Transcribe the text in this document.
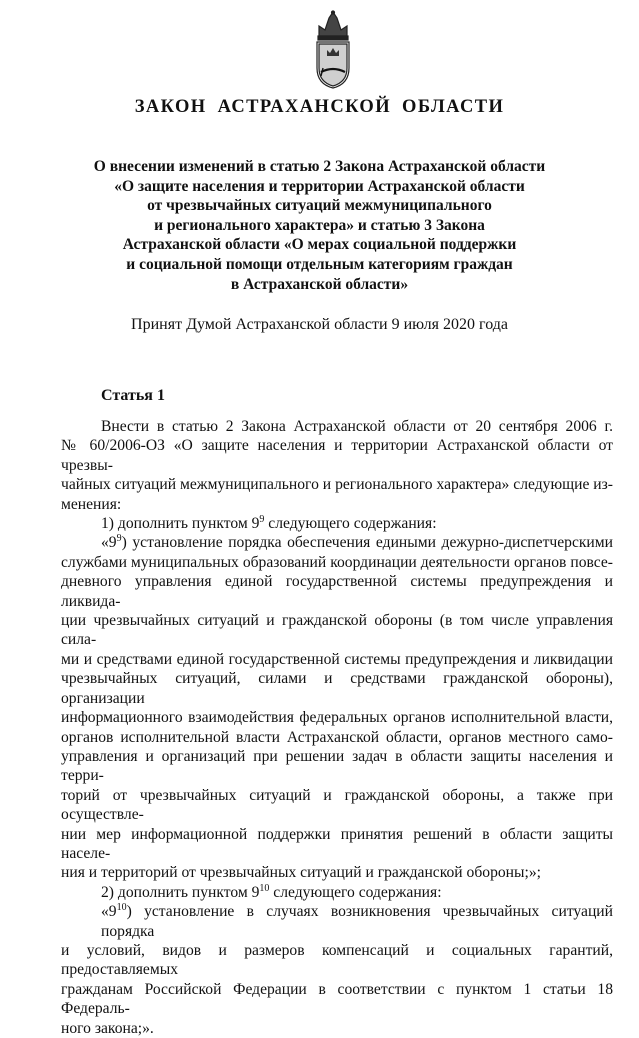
ЗАКОН АСТРАХАНСКОЙ ОБЛАСТИ
О внесении изменений в статью 2 Закона Астраханской области
«О защите населения и территории Астраханской области
от чрезвычайных ситуаций межмуниципального
и регионального характера» и статью 3 Закона
Астраханской области «О мерах социальной поддержки
и социальной помощи отдельным категориям граждан
в Астраханской области»
Принят Думой Астраханской области 9 июля 2020 года
Статья 1
Внести в статью 2 Закона Астраханской области от 20 сентября 2006 г.
№ 60/2006-ОЗ «О защите населения и территории Астраханской области от чрезвы-
чайных ситуаций межмуниципального и регионального характера» следующие из-
менения:
1) дополнить пунктом $9^9$ следующего содержания:
«$9^9$) установление порядка обеспечения едиными дежурно-диспетчерскими
службами муниципальных образований координации деятельности органов повсе-
дневного управления единой государственной системы предупреждения и ликвида-
ции чрезвычайных ситуаций и гражданской обороны (в том числе управления сила-
ми и средствами единой государственной системы предупреждения и ликвидации
чрезвычайных ситуаций, силами и средствами гражданской обороны), организации
информационного взаимодействия федеральных органов исполнительной власти,
органов исполнительной власти Астраханской области, органов местного само-
управления и организаций при решении задач в области защиты населения и терри-
торий от чрезвычайных ситуаций и гражданской обороны, а также при осуществле-
нии мер информационной поддержки принятия решений в области защиты населе-
ния и территорий от чрезвычайных ситуаций и гражданской обороны;»;
2) дополнить пунктом $9^{10}$ следующего содержания:
«$9^{10}$) установление в случаях возникновения чрезвычайных ситуаций порядка
и условий, видов и размеров компенсаций и социальных гарантий, предоставляемых
гражданам Российской Федерации в соответствии с пунктом 1 статьи 18 Федераль-
ного закона;».
